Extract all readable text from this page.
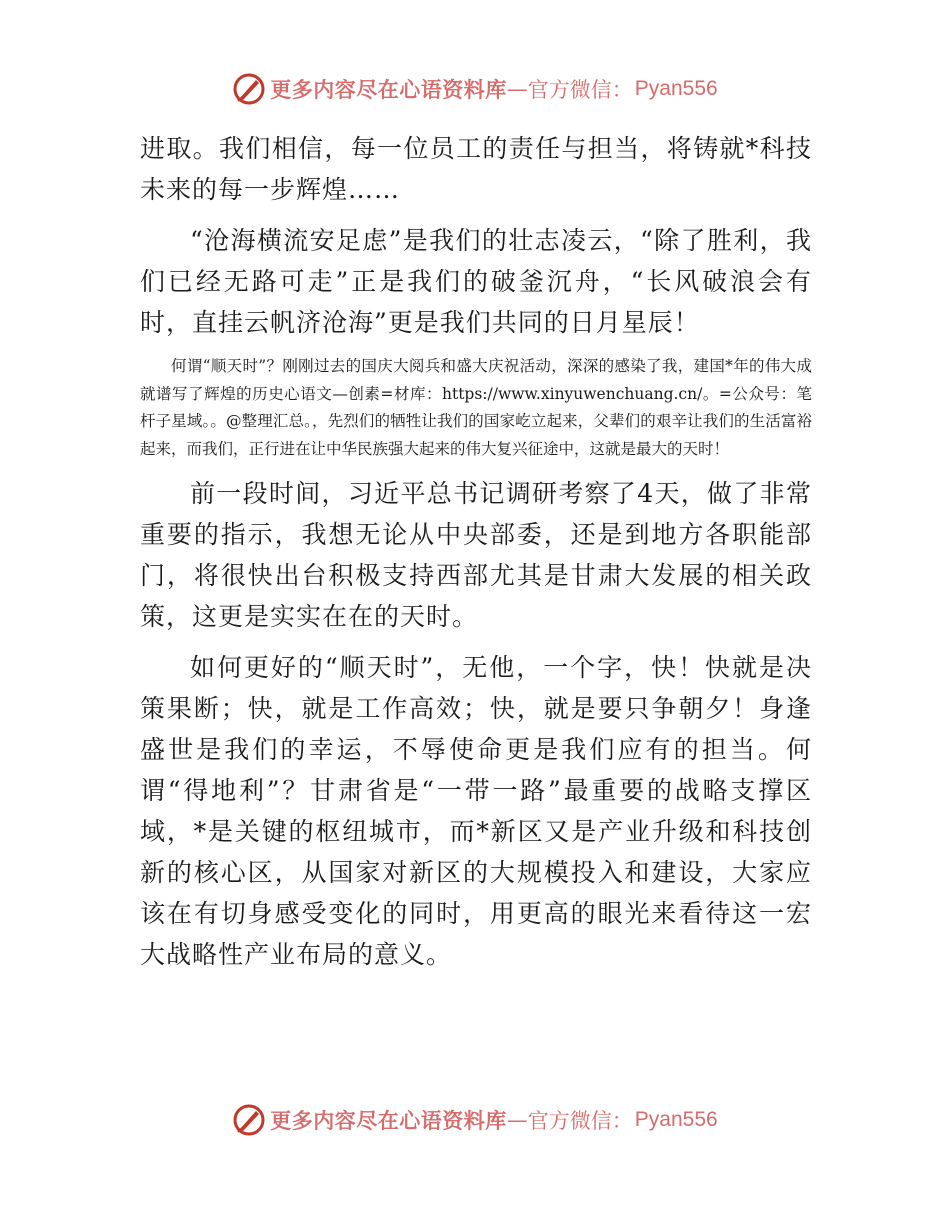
更多内容尽在心语资料库 — 官方微信： Pyan556

进取。我们相信，每一位员工的责任与担当，将铸就*科技未来的每一步辉煌……

“沧海横流安足虑”是我们的壮志凌云，“除了胜利，我们已经无路可走”正是我们的破釜沉舟，“长风破浪会有时，直挂云帆济沧海”更是我们共同的日月星辰！

何谓“顺天时”？刚刚过去的国庆大阅兵和盛大庆祝活动，深深的感染了我，建国*年的伟大成就谱写了辉煌的历史心语文—创素=材库：https://www.xinyuwenchuang.cn/。=公众号：笔杆子星域。。@整理汇总。，先烈们的牺牲让我们的国家屹立起来，父辈们的艰辛让我们的生活富裕起来，而我们，正行进在让中华民族强大起来的伟大复兴征途中，这就是最大的天时！

前一段时间，习近平总书记调研考察了4天，做了非常重要的指示，我想无论从中央部委，还是到地方各职能部门，将很快出台积极支持西部尤其是甘肃大发展的相关政策，这更是实实在在的天时。

如何更好的“顺天时”，无他，一个字，快！快就是决策果断；快，就是工作高效；快，就是要只争朝夕！身逢盛世是我们的幸运，不辱使命更是我们应有的担当。何谓“得地利”？甘肃省是“一带一路”最重要的战略支撑区域，*是关键的枢纽城市，而*新区又是产业升级和科技创新的核心区，从国家对新区的大规模投入和建设，大家应该在有切身感受变化的同时，用更高的眼光来看待这一宏大战略性产业布局的意义。

更多内容尽在心语资料库 — 官方微信： Pyan556
